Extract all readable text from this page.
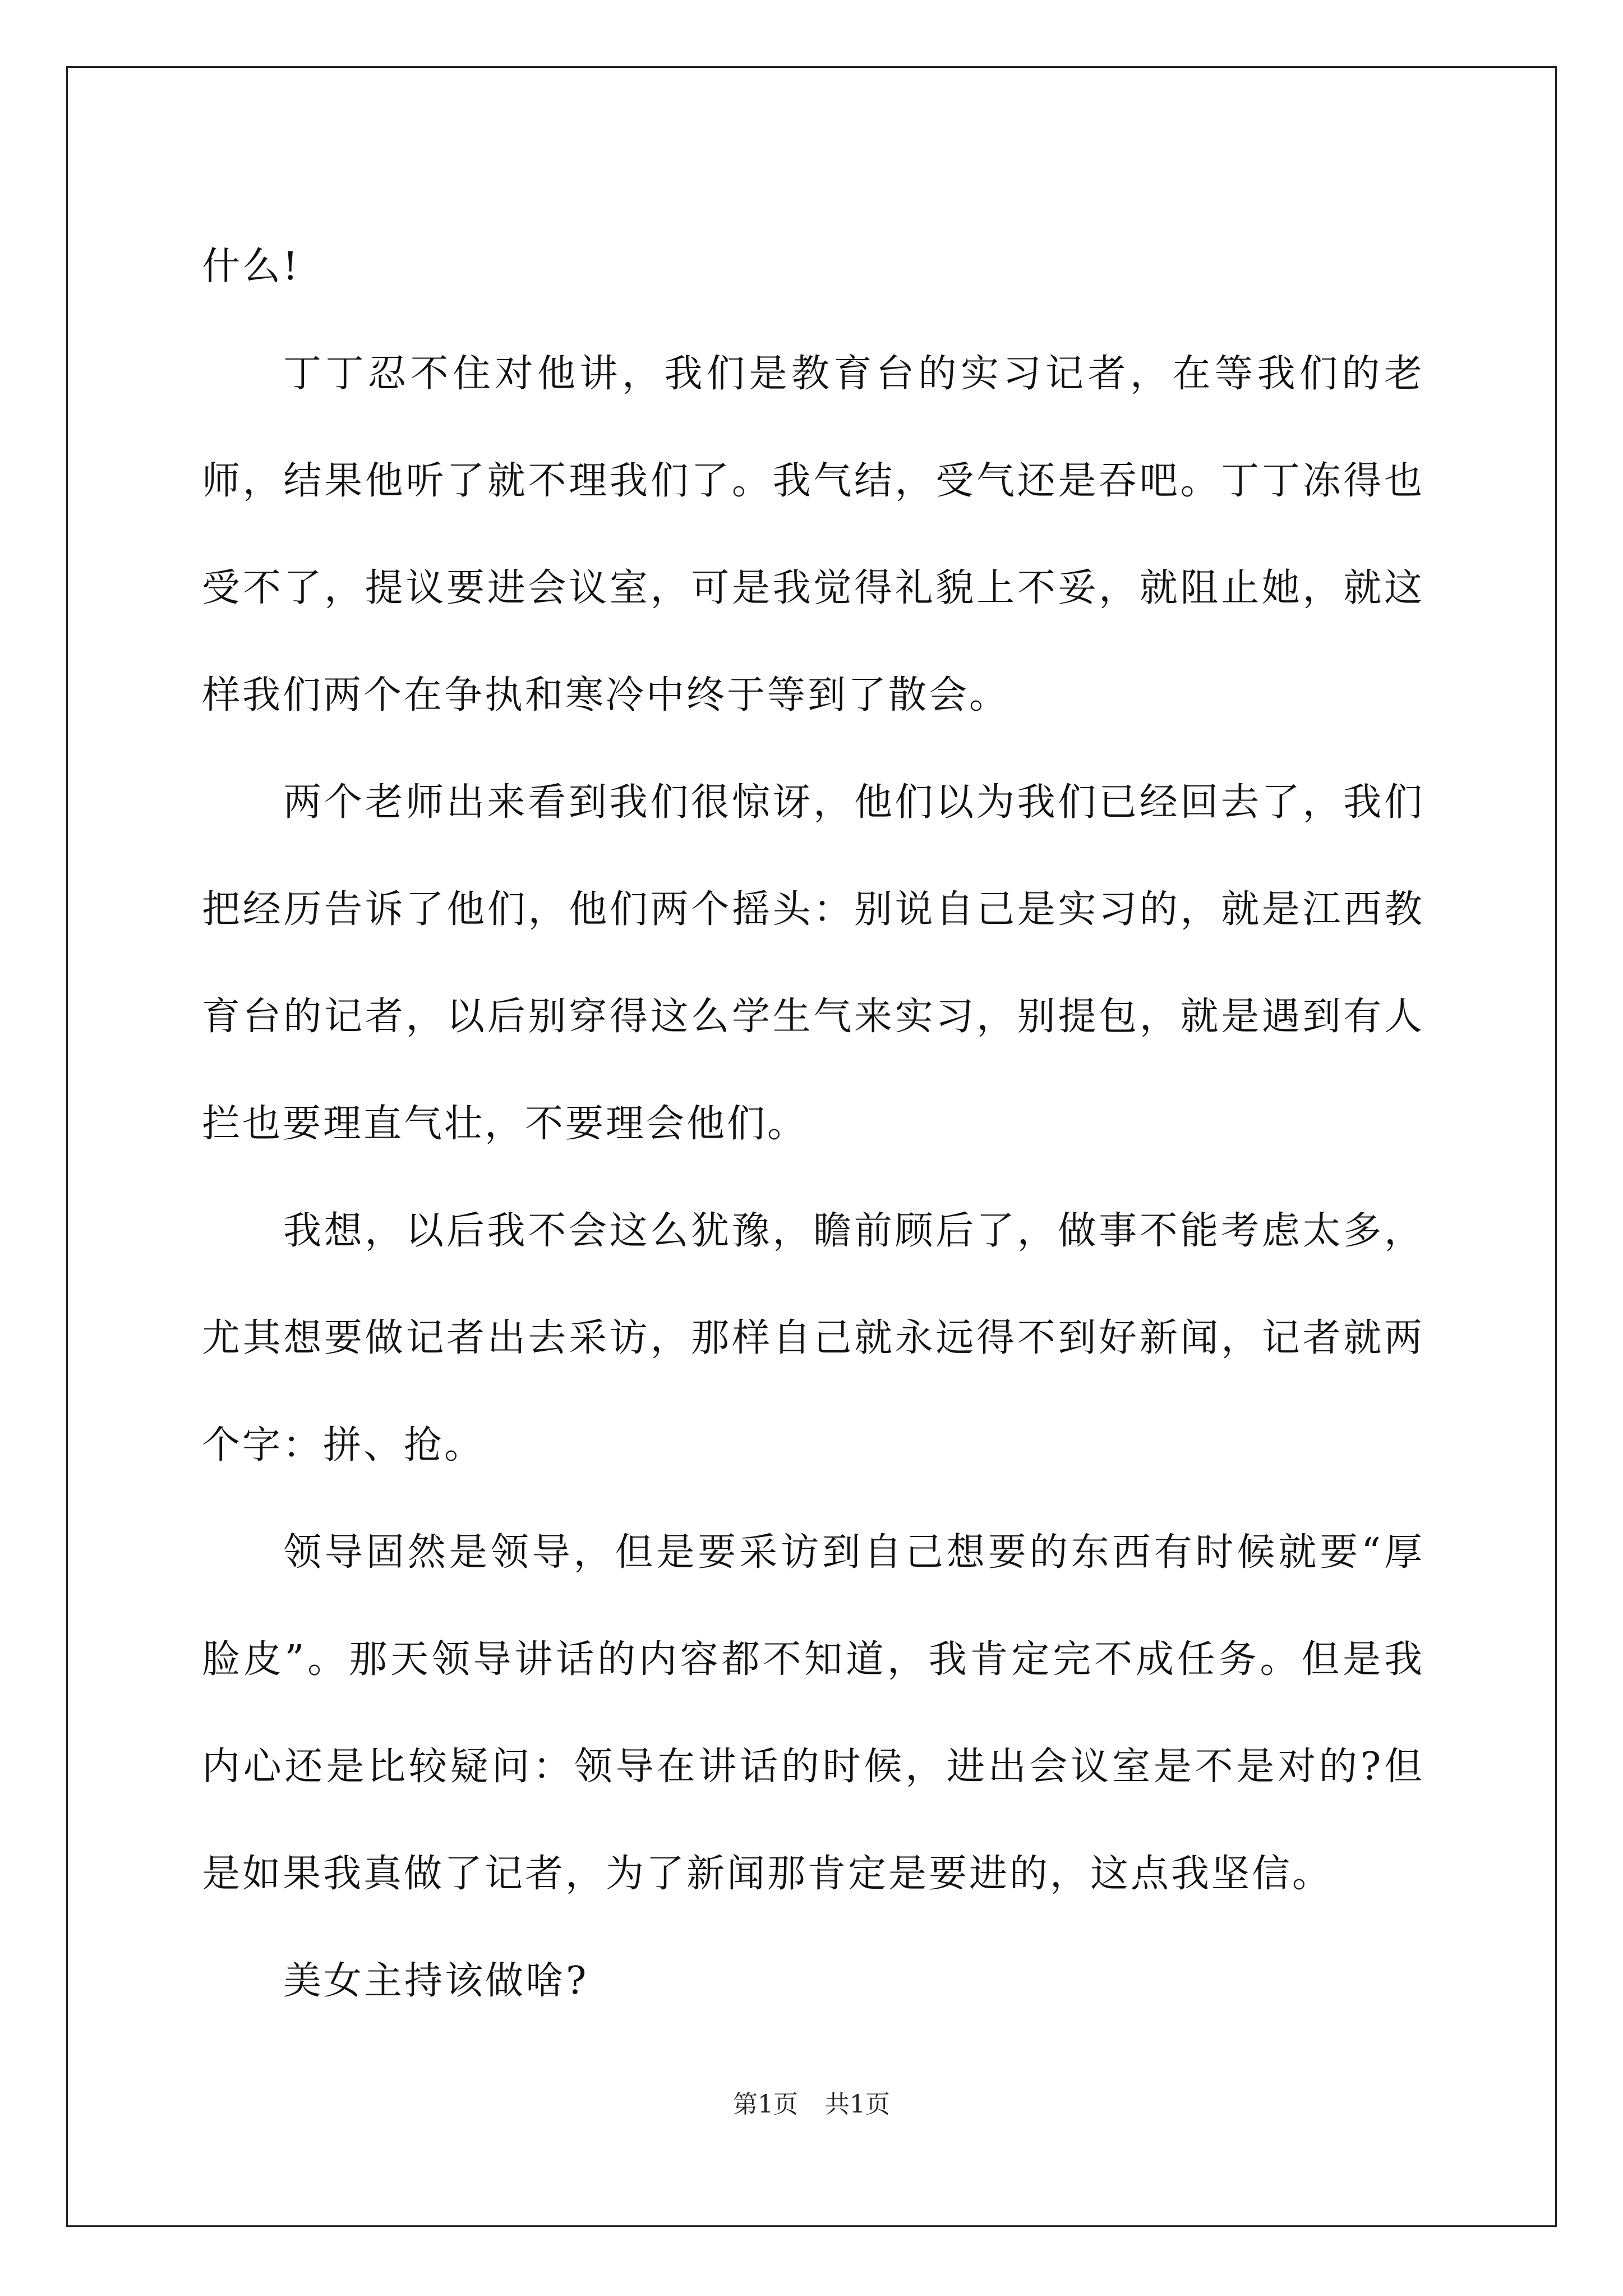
什么!

丁丁忍不住对他讲，我们是教育台的实习记者，在等我们的老师，结果他听了就不理我们了。我气结，受气还是吞吧。丁丁冻得也受不了，提议要进会议室，可是我觉得礼貌上不妥，就阻止她，就这样我们两个在争执和寒冷中终于等到了散会。

两个老师出来看到我们很惊讶，他们以为我们已经回去了，我们把经历告诉了他们，他们两个摇头：别说自己是实习的，就是江西教育台的记者，以后别穿得这么学生气来实习，别提包，就是遇到有人拦也要理直气壮，不要理会他们。

我想，以后我不会这么犹豫，瞻前顾后了，做事不能考虑太多，尤其想要做记者出去采访，那样自己就永远得不到好新闻，记者就两个字：拼、抢。

领导固然是领导，但是要采访到自己想要的东西有时候就要“厚脸皮”。那天领导讲话的内容都不知道，我肯定完不成任务。但是我内心还是比较疑问：领导在讲话的时候，进出会议室是不是对的?但是如果我真做了记者，为了新闻那肯定是要进的，这点我坚信。

美女主持该做啥?

第1页 共1页
